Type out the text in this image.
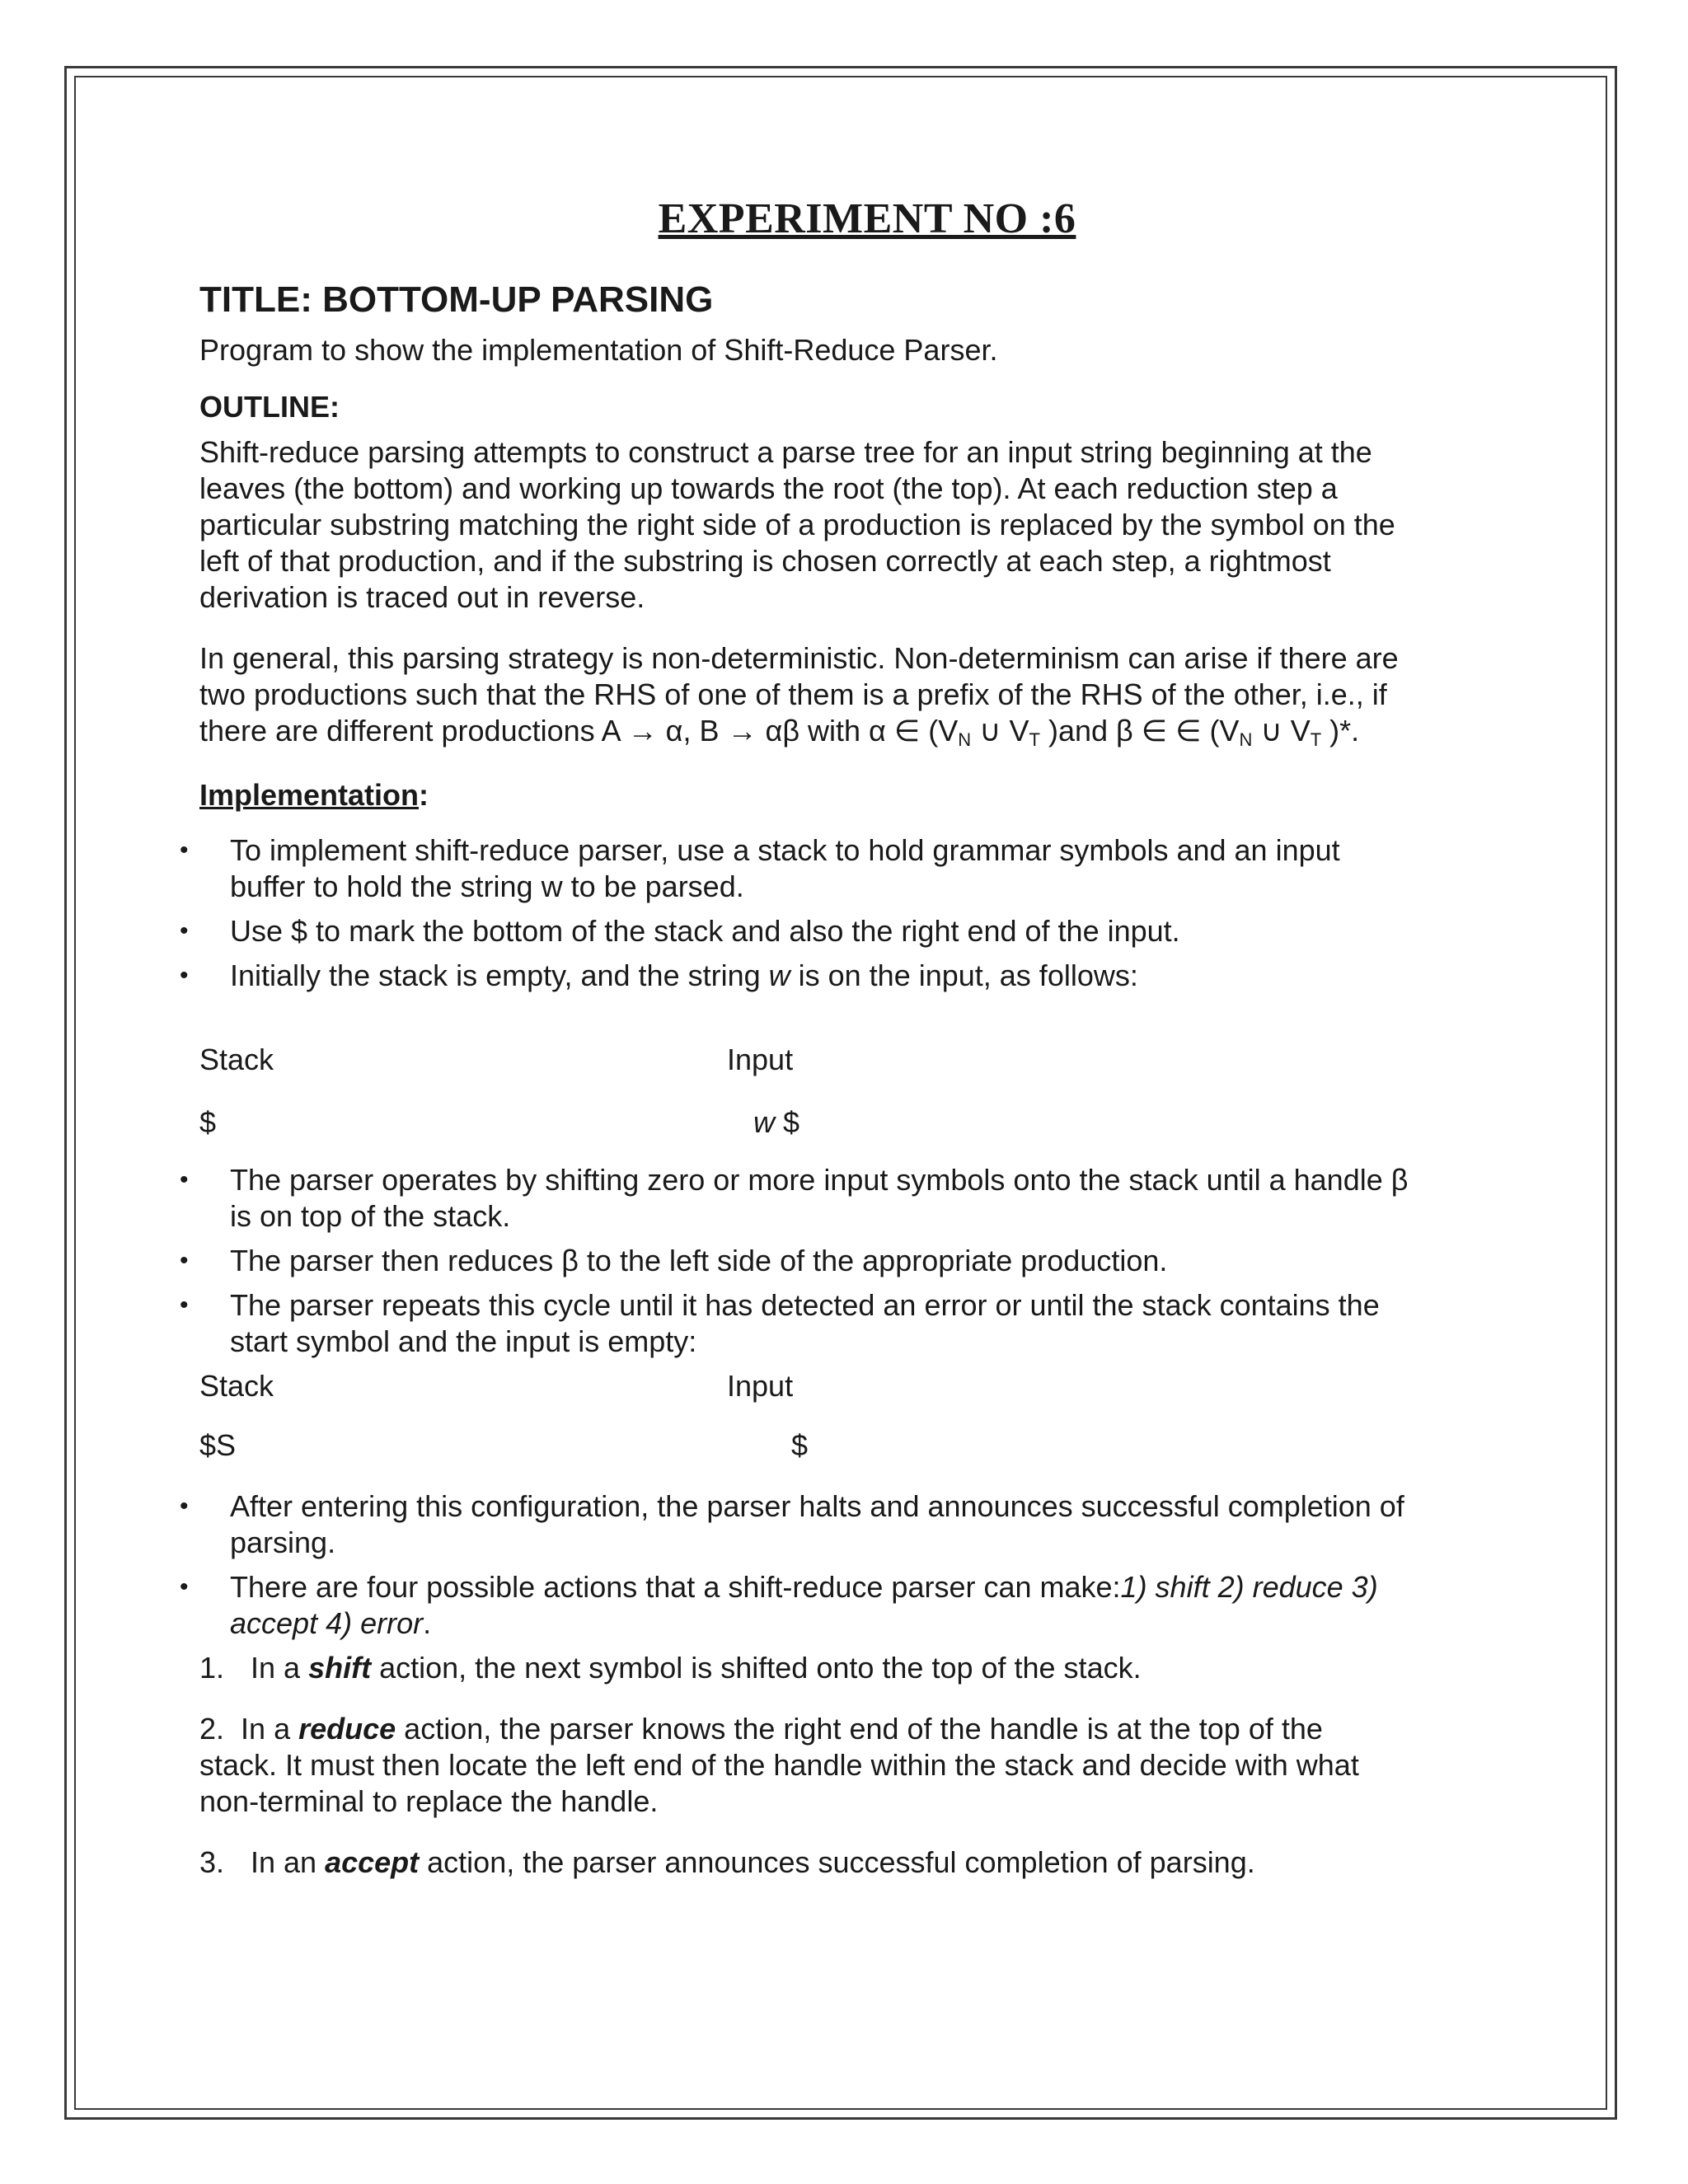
EXPERIMENT NO :6
TITLE: BOTTOM-UP PARSING

Program to show the implementation of Shift-Reduce Parser.

OUTLINE:

Shift-reduce parsing attempts to construct a parse tree for an input string beginning at the
leaves (the bottom) and working up towards the root (the top). At each reduction step a
particular substring matching the right side of a production is replaced by the symbol on the
left of that production, and if the substring is chosen correctly at each step, a rightmost
derivation is traced out in reverse.

In general, this parsing strategy is non-deterministic. Non-determinism can arise if there are
two productions such that the RHS of one of them is a prefix of the RHS of the other, i.e., if
there are different productions A → α, B → αβ with α ∈ ($V_N$ ∪ $V_T$ )and β ∈ ∈ ($V_N$ ∪ $V_T$ )*.

Implementation:
• To implement shift-reduce parser, use a stack to hold grammar symbols and an input
buffer to hold the string w to be parsed.
• Use $ to mark the bottom of the stack and also the right end of the input.
• Initially the stack is empty, and the string w is on the input, as follows:
Stack	Input
$	w $
• The parser operates by shifting zero or more input symbols onto the stack until a handle β
is on top of the stack.
• The parser then reduces β to the left side of the appropriate production.
• The parser repeats this cycle until it has detected an error or until the stack contains the
start symbol and the input is empty:
Stack	Input
$S	$
• After entering this configuration, the parser halts and announces successful completion of
parsing.
• There are four possible actions that a shift-reduce parser can make:1) shift 2) reduce 3)
accept 4) error.

1. In a shift action, the next symbol is shifted onto the top of the stack.

2. In a reduce action, the parser knows the right end of the handle is at the top of the
stack. It must then locate the left end of the handle within the stack and decide with what
non-terminal to replace the handle.

3. In an accept action, the parser announces successful completion of parsing.
